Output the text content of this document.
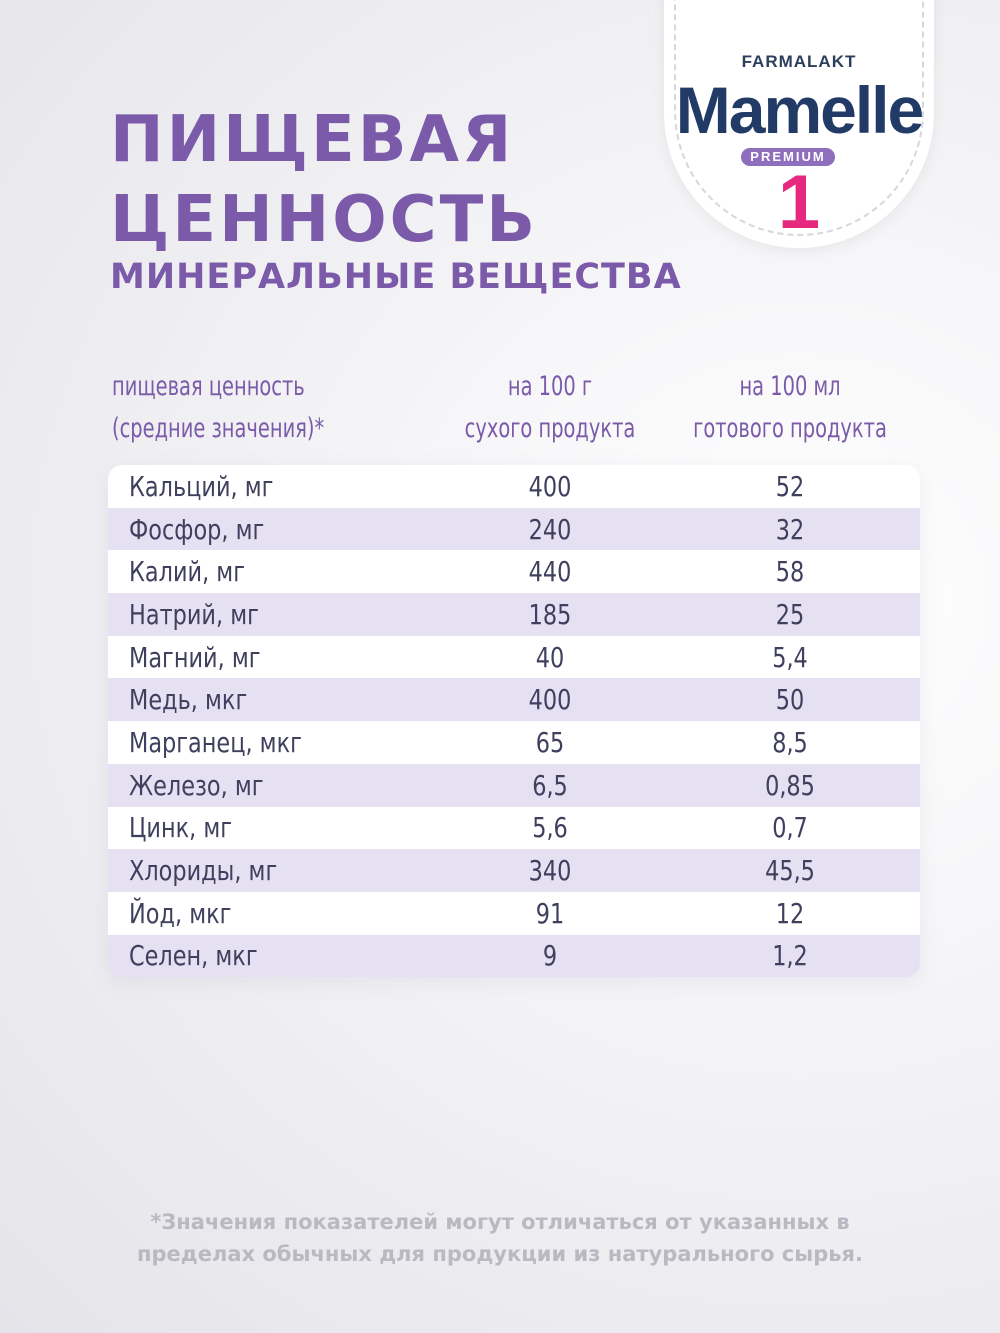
ПИЩЕВАЯ
ЦЕННОСТЬ
МИНЕРАЛЬНЫЕ ВЕЩЕСТВА
FARMALAKT
Mamelle
PREMIUM
1
пищевая ценность
(средние значения)*
на 100 г
сухого продукта
на 100 мл
готового продукта
Кальций, мг	400	52
Фосфор, мг	240	32
Калий, мг	440	58
Натрий, мг	185	25
Магний, мг	40	5,4
Медь, мкг	400	50
Марганец, мкг	65	8,5
Железо, мг	6,5	0,85
Цинк, мг	5,6	0,7
Хлориды, мг	340	45,5
Йод, мкг	91	12
Селен, мкг	9	1,2
*Значения показателей могут отличаться от указанных в
пределах обычных для продукции из натурального сырья.
